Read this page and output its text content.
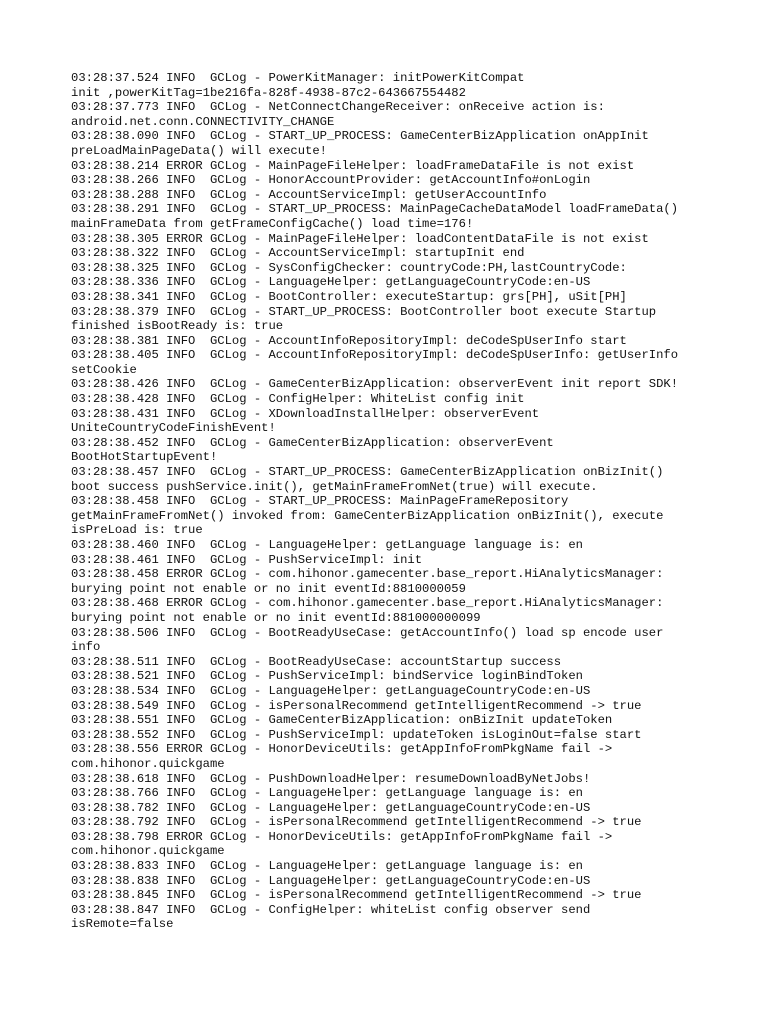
03:28:37.524 INFO  GCLog - PowerKitManager: initPowerKitCompat
init ,powerKitTag=1be216fa-828f-4938-87c2-643667554482
03:28:37.773 INFO  GCLog - NetConnectChangeReceiver: onReceive action is:
android.net.conn.CONNECTIVITY_CHANGE
03:28:38.090 INFO  GCLog - START_UP_PROCESS: GameCenterBizApplication onAppInit
preLoadMainPageData() will execute!
03:28:38.214 ERROR GCLog - MainPageFileHelper: loadFrameDataFile is not exist
03:28:38.266 INFO  GCLog - HonorAccountProvider: getAccountInfo#onLogin
03:28:38.288 INFO  GCLog - AccountServiceImpl: getUserAccountInfo
03:28:38.291 INFO  GCLog - START_UP_PROCESS: MainPageCacheDataModel loadFrameData()
mainFrameData from getFrameConfigCache() load time=176!
03:28:38.305 ERROR GCLog - MainPageFileHelper: loadContentDataFile is not exist
03:28:38.322 INFO  GCLog - AccountServiceImpl: startupInit end
03:28:38.325 INFO  GCLog - SysConfigChecker: countryCode:PH,lastCountryCode:
03:28:38.336 INFO  GCLog - LanguageHelper: getLanguageCountryCode:en-US
03:28:38.341 INFO  GCLog - BootController: executeStartup: grs[PH], uSit[PH]
03:28:38.379 INFO  GCLog - START_UP_PROCESS: BootController boot execute Startup
finished isBootReady is: true
03:28:38.381 INFO  GCLog - AccountInfoRepositoryImpl: deCodeSpUserInfo start
03:28:38.405 INFO  GCLog - AccountInfoRepositoryImpl: deCodeSpUserInfo: getUserInfo
setCookie
03:28:38.426 INFO  GCLog - GameCenterBizApplication: observerEvent init report SDK!
03:28:38.428 INFO  GCLog - ConfigHelper: WhiteList config init
03:28:38.431 INFO  GCLog - XDownloadInstallHelper: observerEvent
UniteCountryCodeFinishEvent!
03:28:38.452 INFO  GCLog - GameCenterBizApplication: observerEvent
BootHotStartupEvent!
03:28:38.457 INFO  GCLog - START_UP_PROCESS: GameCenterBizApplication onBizInit()
boot success pushService.init(), getMainFrameFromNet(true) will execute.
03:28:38.458 INFO  GCLog - START_UP_PROCESS: MainPageFrameRepository
getMainFrameFromNet() invoked from: GameCenterBizApplication onBizInit(), execute
isPreLoad is: true
03:28:38.460 INFO  GCLog - LanguageHelper: getLanguage language is: en
03:28:38.461 INFO  GCLog - PushServiceImpl: init
03:28:38.458 ERROR GCLog - com.hihonor.gamecenter.base_report.HiAnalyticsManager:
burying point not enable or no init eventId:8810000059
03:28:38.468 ERROR GCLog - com.hihonor.gamecenter.base_report.HiAnalyticsManager:
burying point not enable or no init eventId:881000000099
03:28:38.506 INFO  GCLog - BootReadyUseCase: getAccountInfo() load sp encode user
info
03:28:38.511 INFO  GCLog - BootReadyUseCase: accountStartup success
03:28:38.521 INFO  GCLog - PushServiceImpl: bindService loginBindToken
03:28:38.534 INFO  GCLog - LanguageHelper: getLanguageCountryCode:en-US
03:28:38.549 INFO  GCLog - isPersonalRecommend getIntelligentRecommend -> true
03:28:38.551 INFO  GCLog - GameCenterBizApplication: onBizInit updateToken
03:28:38.552 INFO  GCLog - PushServiceImpl: updateToken isLoginOut=false start
03:28:38.556 ERROR GCLog - HonorDeviceUtils: getAppInfoFromPkgName fail ->
com.hihonor.quickgame
03:28:38.618 INFO  GCLog - PushDownloadHelper: resumeDownloadByNetJobs!
03:28:38.766 INFO  GCLog - LanguageHelper: getLanguage language is: en
03:28:38.782 INFO  GCLog - LanguageHelper: getLanguageCountryCode:en-US
03:28:38.792 INFO  GCLog - isPersonalRecommend getIntelligentRecommend -> true
03:28:38.798 ERROR GCLog - HonorDeviceUtils: getAppInfoFromPkgName fail ->
com.hihonor.quickgame
03:28:38.833 INFO  GCLog - LanguageHelper: getLanguage language is: en
03:28:38.838 INFO  GCLog - LanguageHelper: getLanguageCountryCode:en-US
03:28:38.845 INFO  GCLog - isPersonalRecommend getIntelligentRecommend -> true
03:28:38.847 INFO  GCLog - ConfigHelper: whiteList config observer send
isRemote=false
